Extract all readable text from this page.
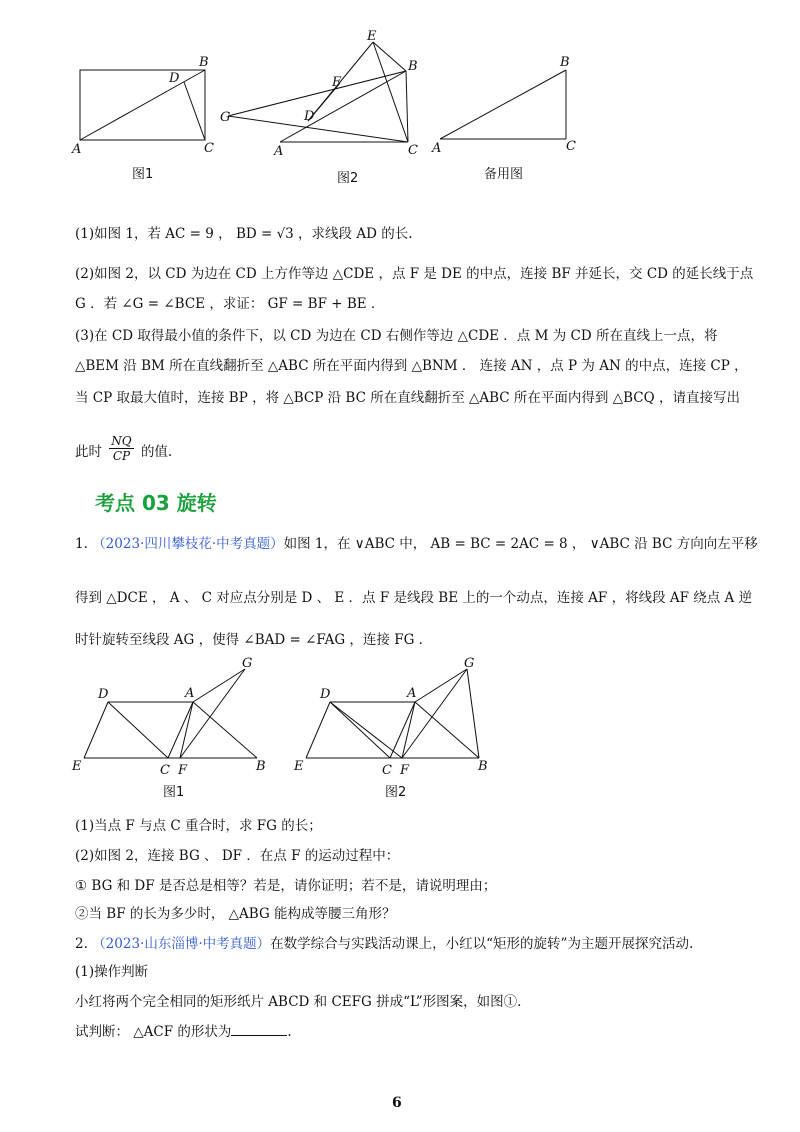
A
B
C
D
图1
A
B
C
D
E
F
G
图2
A
B
C
备用图
(1)如图 1，若 AC = 9 ， BD = √3 ，求线段 AD 的长.
(2)如图 2，以 CD 为边在 CD 上方作等边 △CDE ，点 F 是 DE 的中点，连接 BF 并延长，交 CD 的延长线于点
G ．若 ∠G = ∠BCE ，求证： GF = BF + BE ．
(3)在 CD 取得最小值的条件下，以 CD 为边在 CD 右侧作等边 △CDE ．点 M 为 CD 所在直线上一点，将
△BEM 沿 BM 所在直线翻折至 △ABC 所在平面内得到 △BNM ． 连接 AN ，点 P 为 AN 的中点，连接 CP ，
当 CP 取最大值时，连接 BP ，将 △BCP 沿 BC 所在直线翻折至 △ABC 所在平面内得到 △BCQ ，请直接写出
此时 $\frac{NQ}{CP}$ 的值.
考点 03 旋转
1. （2023·四川攀枝花·中考真题）如图 1，在 ∨ABC 中， AB = BC = 2AC = 8 ， ∨ABC 沿 BC 方向向左平移
得到 △DCE ， A 、 C 对应点分别是 D 、 E ．点 F 是线段 BE 上的一个动点，连接 AF ，将线段 AF 绕点 A 逆
时针旋转至线段 AG ，使得 ∠BAD = ∠FAG ，连接 FG ．
A
B
C
D
E	F
G
图1
A
B
C
D
E	F
G
图2
(1)当点 F 与点 C 重合时，求 FG 的长；
(2)如图 2，连接 BG 、 DF ．在点 F 的运动过程中：
① BG 和 DF 是否总是相等？若是，请你证明；若不是，请说明理由；
②当 BF 的长为多少时， △ABG 能构成等腰三角形？
2. （2023·山东淄博·中考真题）在数学综合与实践活动课上，小红以“矩形的旋转”为主题开展探究活动.
(1)操作判断
小红将两个完全相同的矩形纸片 ABCD 和 CEFG 拼成“L”形图案，如图①.
试判断： △ACF 的形状为	.
6
